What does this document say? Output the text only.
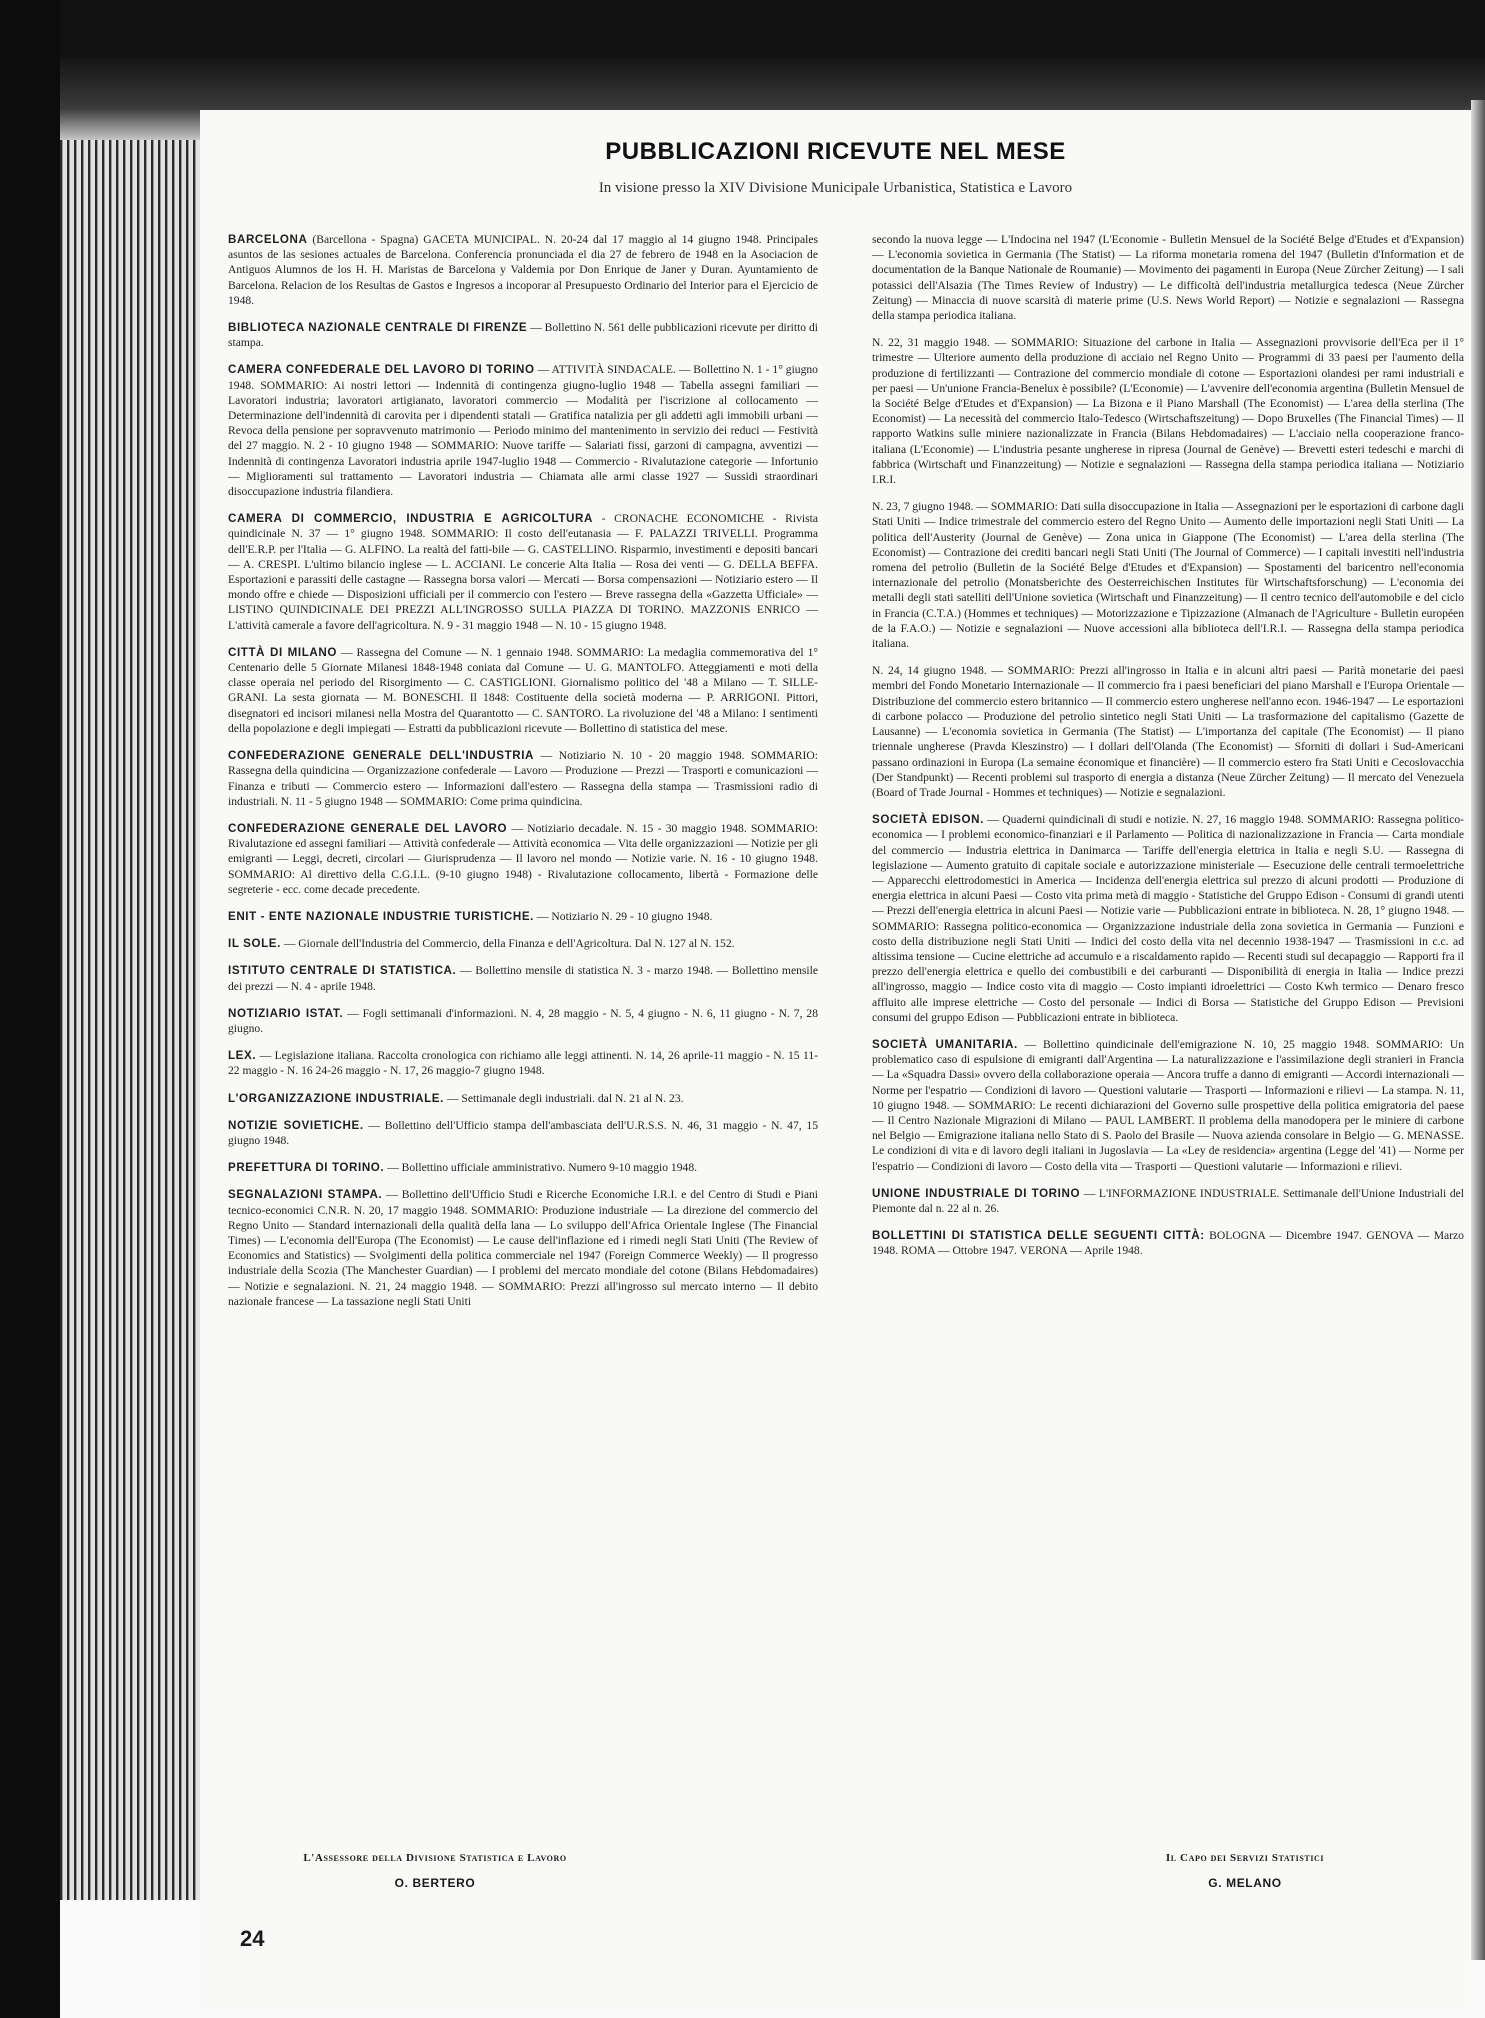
PUBBLICAZIONI RICEVUTE NEL MESE
In visione presso la XIV Divisione Municipale Urbanistica, Statistica e Lavoro

BARCELONA (Barcellona - Spagna) GACETA MUNICIPAL. N. 20-24 dal 17 maggio al 14 giugno 1948. Principales asuntos de las sesiones actuales de Barcelona. Conferencia pronunciada el dia 27 de febrero de 1948 en la Asociacion de Antiguos Alumnos de los H. H. Maristas de Barcelona y Valdemia por Don Enrique de Janer y Duran. Ayuntamiento de Barcelona. Relacion de los Resultas de Gastos e Ingresos a incoporar al Presupuesto Ordinario del Interior para el Ejercicio de 1948.

BIBLIOTECA NAZIONALE CENTRALE DI FIRENZE — Bollettino N. 561 delle pubblicazioni ricevute per diritto di stampa.

CAMERA CONFEDERALE DEL LAVORO DI TORINO — ATTIVITÀ SINDACALE. — Bollettino N. 1 - 1° giugno 1948. SOMMARIO: Ai nostri lettori — Indennità di contingenza giugno-luglio 1948 — Tabella assegni familiari — Lavoratori industria; lavoratori artigianato, lavoratori commercio — Modalità per l'iscrizione al collocamento — Determinazione dell'indennità di carovita per i dipendenti statali — Gratifica natalizia per gli addetti agli immobili urbani — Revoca della pensione per sopravvenuto matrimonio — Periodo minimo del mantenimento in servizio dei reduci — Festività del 27 maggio. N. 2 - 10 giugno 1948 — SOMMARIO: Nuove tariffe — Salariati fissi, garzoni di campagna, avventizi — Indennità di contingenza Lavoratori industria aprile 1947-luglio 1948 — Commercio - Rivalutazione categorie — Infortunio — Miglioramenti sul trattamento — Lavoratori industria — Chiamata alle armi classe 1927 — Sussidi straordinari disoccupazione industria filandiera.

CAMERA DI COMMERCIO, INDUSTRIA E AGRICOLTURA - CRONACHE ECONOMICHE - Rivista quindicinale N. 37 — 1° giugno 1948. SOMMARIO: Il costo dell'eutanasia — F. PALAZZI TRIVELLI. Programma dell'E.R.P. per l'Italia — G. ALFINO. La realtà del fatti-bile — G. CASTELLINO. Risparmio, investimenti e depositi bancari — A. CRESPI. L'ultimo bilancio inglese — L. ACCIANI. Le concerie Alta Italia — Rosa dei venti — G. DELLA BEFFA. Esportazioni e parassiti delle castagne — Rassegna borsa valori — Mercati — Borsa compensazioni — Notiziario estero — Il mondo offre e chiede — Disposizioni ufficiali per il commercio con l'estero — Breve rassegna della «Gazzetta Ufficiale» — LISTINO QUINDICINALE DEI PREZZI ALL'INGROSSO SULLA PIAZZA DI TORINO. MAZZONIS ENRICO — L'attività camerale a favore dell'agricoltura. N. 9 - 31 maggio 1948 — N. 10 - 15 giugno 1948.

CITTÀ DI MILANO — Rassegna del Comune — N. 1 gennaio 1948. SOMMARIO: La medaglia commemorativa del 1° Centenario delle 5 Giornate Milanesi 1848-1948 coniata dal Comune — U. G. MANTOLFO. Atteggiamenti e moti della classe operaia nel periodo del Risorgimento — C. CASTIGLIONI. Giornalismo politico del '48 a Milano — T. SILLE-GRANI. La sesta giornata — M. BONESCHI. Il 1848: Costituente della società moderna — P. ARRIGONI. Pittori, disegnatori ed incisori milanesi nella Mostra del Quarantotto — C. SANTORO. La rivoluzione del '48 a Milano: I sentimenti della popolazione e degli impiegati — Estratti da pubblicazioni ricevute — Bollettino di statistica del mese.

CONFEDERAZIONE GENERALE DELL'INDUSTRIA — Notiziario N. 10 - 20 maggio 1948. SOMMARIO: Rassegna della quindicina — Organizzazione confederale — Lavoro — Produzione — Prezzi — Trasporti e comunicazioni — Finanza e tributi — Commercio estero — Informazioni dall'estero — Rassegna della stampa — Trasmissioni radio di industriali. N. 11 - 5 giugno 1948 — SOMMARIO: Come prima quindicina.

CONFEDERAZIONE GENERALE DEL LAVORO — Notiziario decadale. N. 15 - 30 maggio 1948. SOMMARIO: Rivalutazione ed assegni familiari — Attività confederale — Attività economica — Vita delle organizzazioni — Notizie per gli emigranti — Leggi, decreti, circolari — Giurisprudenza — Il lavoro nel mondo — Notizie varie. N. 16 - 10 giugno 1948. SOMMARIO: Al direttivo della C.G.I.L. (9-10 giugno 1948) - Rivalutazione collocamento, libertà - Formazione delle segreterie - ecc. come decade precedente.

ENIT - ENTE NAZIONALE INDUSTRIE TURISTICHE. — Notiziario N. 29 - 10 giugno 1948.

IL SOLE. — Giornale dell'Industria del Commercio, della Finanza e dell'Agricoltura. Dal N. 127 al N. 152.

ISTITUTO CENTRALE DI STATISTICA. — Bollettino mensile di statistica N. 3 - marzo 1948. — Bollettino mensile dei prezzi — N. 4 - aprile 1948.

NOTIZIARIO ISTAT. — Fogli settimanali d'informazioni. N. 4, 28 maggio - N. 5, 4 giugno - N. 6, 11 giugno - N. 7, 28 giugno.

LEX. — Legislazione italiana. Raccolta cronologica con richiamo alle leggi attinenti. N. 14, 26 aprile-11 maggio - N. 15 11-22 maggio - N. 16 24-26 maggio - N. 17, 26 maggio-7 giugno 1948.

L'ORGANIZZAZIONE INDUSTRIALE. — Settimanale degli industriali. dal N. 21 al N. 23.

NOTIZIE SOVIETICHE. — Bollettino dell'Ufficio stampa dell'ambasciata dell'U.R.S.S. N. 46, 31 maggio - N. 47, 15 giugno 1948.

PREFETTURA DI TORINO. — Bollettino ufficiale amministrativo. Numero 9-10 maggio 1948.

SEGNALAZIONI STAMPA. — Bollettino dell'Ufficio Studi e Ricerche Economiche I.R.I. e del Centro di Studi e Piani tecnico-economici C.N.R. N. 20, 17 maggio 1948. SOMMARIO: Produzione industriale — La direzione del commercio del Regno Unito — Standard internazionali della qualità della lana — Lo sviluppo dell'Africa Orientale Inglese (The Financial Times) — L'economia dell'Europa (The Economist) — Le cause dell'inflazione ed i rimedi negli Stati Uniti (The Review of Economics and Statistics) — Svolgimenti della politica commerciale nel 1947 (Foreign Commerce Weekly) — Il progresso industriale della Scozia (The Manchester Guardian) — I problemi del mercato mondiale del cotone (Bilans Hebdomadaires) — Notizie e segnalazioni. N. 21, 24 maggio 1948. — SOMMARIO: Prezzi all'ingrosso sul mercato interno — Il debito nazionale francese — La tassazione negli Stati Uniti

secondo la nuova legge — L'Indocina nel 1947 (L'Economie - Bulletin Mensuel de la Société Belge d'Etudes et d'Expansion) — L'economia sovietica in Germania (The Statist) — La riforma monetaria romena del 1947 (Bulletin d'Information et de documentation de la Banque Nationale de Roumanie) — Movimento dei pagamenti in Europa (Neue Zürcher Zeitung) — I sali potassici dell'Alsazia (The Times Review of Industry) — Le difficoltà dell'industria metallurgica tedesca (Neue Zürcher Zeitung) — Minaccia di nuove scarsità di materie prime (U.S. News World Report) — Notizie e segnalazioni — Rassegna della stampa periodica italiana.

N. 22, 31 maggio 1948. — SOMMARIO: Situazione del carbone in Italia — Assegnazioni provvisorie dell'Eca per il 1° trimestre — Ulteriore aumento della produzione di acciaio nel Regno Unito — Programmi di 33 paesi per l'aumento della produzione di fertilizzanti — Contrazione del commercio mondiale di cotone — Esportazioni olandesi per rami industriali e per paesi — Un'unione Francia-Benelux è possibile? (L'Economie) — L'avvenire dell'economia argentina (Bulletin Mensuel de la Société Belge d'Etudes et d'Expansion) — La Bizona e il Piano Marshall (The Economist) — L'area della sterlina (The Economist) — La necessità del commercio Italo-Tedesco (Wirtschaftszeitung) — Dopo Bruxelles (The Financial Times) — Il rapporto Watkins sulle miniere nazionalizzate in Francia (Bilans Hebdomadaires) — L'acciaio nella cooperazione franco-italiana (L'Economie) — L'industria pesante ungherese in ripresa (Journal de Genève) — Brevetti esteri tedeschi e marchi di fabbrica (Wirtschaft und Finanzzeitung) — Notizie e segnalazioni — Rassegna della stampa periodica italiana — Notiziario I.R.I.

N. 23, 7 giugno 1948. — SOMMARIO: Dati sulla disoccupazione in Italia — Assegnazioni per le esportazioni di carbone dagli Stati Uniti — Indice trimestrale del commercio estero del Regno Unito — Aumento delle importazioni negli Stati Uniti — La politica dell'Austerity (Journal de Genève) — Zona unica in Giappone (The Economist) — L'area della sterlina (The Economist) — Contrazione dei crediti bancari negli Stati Uniti (The Journal of Commerce) — I capitali investiti nell'industria romena del petrolio (Bulletin de la Société Belge d'Etudes et d'Expansion) — Spostamenti del baricentro nell'economia internazionale del petrolio (Monatsberichte des Oesterreichischen Institutes für Wirtschaftsforschung) — L'economia dei metalli degli stati satelliti dell'Unione sovietica (Wirtschaft und Finanzzeitung) — Il centro tecnico dell'automobile e del ciclo in Francia (C.T.A.) (Hommes et techniques) — Motorizzazione e Tipizzazione (Almanach de l'Agriculture - Bulletin européen de la F.A.O.) — Notizie e segnalazioni — Nuove accessioni alla biblioteca dell'I.R.I. — Rassegna della stampa periodica italiana.

N. 24, 14 giugno 1948. — SOMMARIO: Prezzi all'ingrosso in Italia e in alcuni altri paesi — Parità monetarie dei paesi membri del Fondo Monetario Internazionale — Il commercio fra i paesi beneficiari del piano Marshall e l'Europa Orientale — Distribuzione del commercio estero britannico — Il commercio estero ungherese nell'anno econ. 1946-1947 — Le esportazioni di carbone polacco — Produzione del petrolio sintetico negli Stati Uniti — La trasformazione del capitalismo (Gazette de Lausanne) — L'economia sovietica in Germania (The Statist) — L'importanza del capitale (The Economist) — Il piano triennale ungherese (Pravda Kleszinstro) — I dollari dell'Olanda (The Economist) — Sforniti di dollari i Sud-Americani passano ordinazioni in Europa (La semaine économique et financière) — Il commercio estero fra Stati Uniti e Cecoslovacchia (Der Standpunkt) — Recenti problemi sul trasporto di energia a distanza (Neue Zürcher Zeitung) — Il mercato del Venezuela (Board of Trade Journal - Hommes et techniques) — Notizie e segnalazioni.

SOCIETÀ EDISON. — Quaderni quindicinali di studi e notizie. N. 27, 16 maggio 1948. SOMMARIO: Rassegna politico-economica — I problemi economico-finanziari e il Parlamento — Politica di nazionalizzazione in Francia — Carta mondiale del commercio — Industria elettrica in Danimarca — Tariffe dell'energia elettrica in Italia e negli S.U. — Rassegna di legislazione — Aumento gratuito di capitale sociale e autorizzazione ministeriale — Esecuzione delle centrali termoelettriche — Apparecchi elettrodomestici in America — Incidenza dell'energia elettrica sul prezzo di alcuni prodotti — Produzione di energia elettrica in alcuni Paesi — Costo vita prima metà di maggio - Statistiche del Gruppo Edison - Consumi di grandi utenti — Prezzi dell'energia elettrica in alcuni Paesi — Notizie varie — Pubblicazioni entrate in biblioteca. N. 28, 1° giugno 1948. — SOMMARIO: Rassegna politico-economica — Organizzazione industriale della zona sovietica in Germania — Funzioni e costo della distribuzione negli Stati Uniti — Indici del costo della vita nel decennio 1938-1947 — Trasmissioni in c.c. ad altissima tensione — Cucine elettriche ad accumulo e a riscaldamento rapido — Recenti studi sul decapaggio — Rapporti fra il prezzo dell'energia elettrica e quello dei combustibili e dei carburanti — Disponibilità di energia in Italia — Indice prezzi all'ingrosso, maggio — Indice costo vita di maggio — Costo impianti idroelettrici — Costo Kwh termico — Denaro fresco affluito alle imprese elettriche — Costo del personale — Indici di Borsa — Statistiche del Gruppo Edison — Previsioni consumi del gruppo Edison — Pubblicazioni entrate in biblioteca.

SOCIETÀ UMANITARIA. — Bollettino quindicinale dell'emigrazione N. 10, 25 maggio 1948. SOMMARIO: Un problematico caso di espulsione di emigranti dall'Argentina — La naturalizzazione e l'assimilazione degli stranieri in Francia — La «Squadra Dassi» ovvero della collaborazione operaia — Ancora truffe a danno di emigranti — Accordi internazionali — Norme per l'espatrio — Condizioni di lavoro — Questioni valutarie — Trasporti — Informazioni e rilievi — La stampa. N. 11, 10 giugno 1948. — SOMMARIO: Le recenti dichiarazioni del Governo sulle prospettive della politica emigratoria del paese — Il Centro Nazionale Migrazioni di Milano — PAUL LAMBERT. Il problema della manodopera per le miniere di carbone nel Belgio — Emigrazione italiana nello Stato di S. Paolo del Brasile — Nuova azienda consolare in Belgio — G. MENASSE. Le condizioni di vita e di lavoro degli italiani in Jugoslavia — La «Ley de residencia» argentina (Legge del '41) — Norme per l'espatrio — Condizioni di lavoro — Costo della vita — Trasporti — Questioni valutarie — Informazioni e rilievi.

UNIONE INDUSTRIALE DI TORINO — L'INFORMAZIONE INDUSTRIALE. Settimanale dell'Unione Industriali del Piemonte dal n. 22 al n. 26.

BOLLETTINI DI STATISTICA DELLE SEGUENTI CITTÀ: BOLOGNA — Dicembre 1947. GENOVA — Marzo 1948. ROMA — Ottobre 1947. VERONA — Aprile 1948.

L'Assessore della Divisione Statistica e Lavoro
O. BERTERO
Il Capo dei Servizi Statistici
G. MELANO
24
